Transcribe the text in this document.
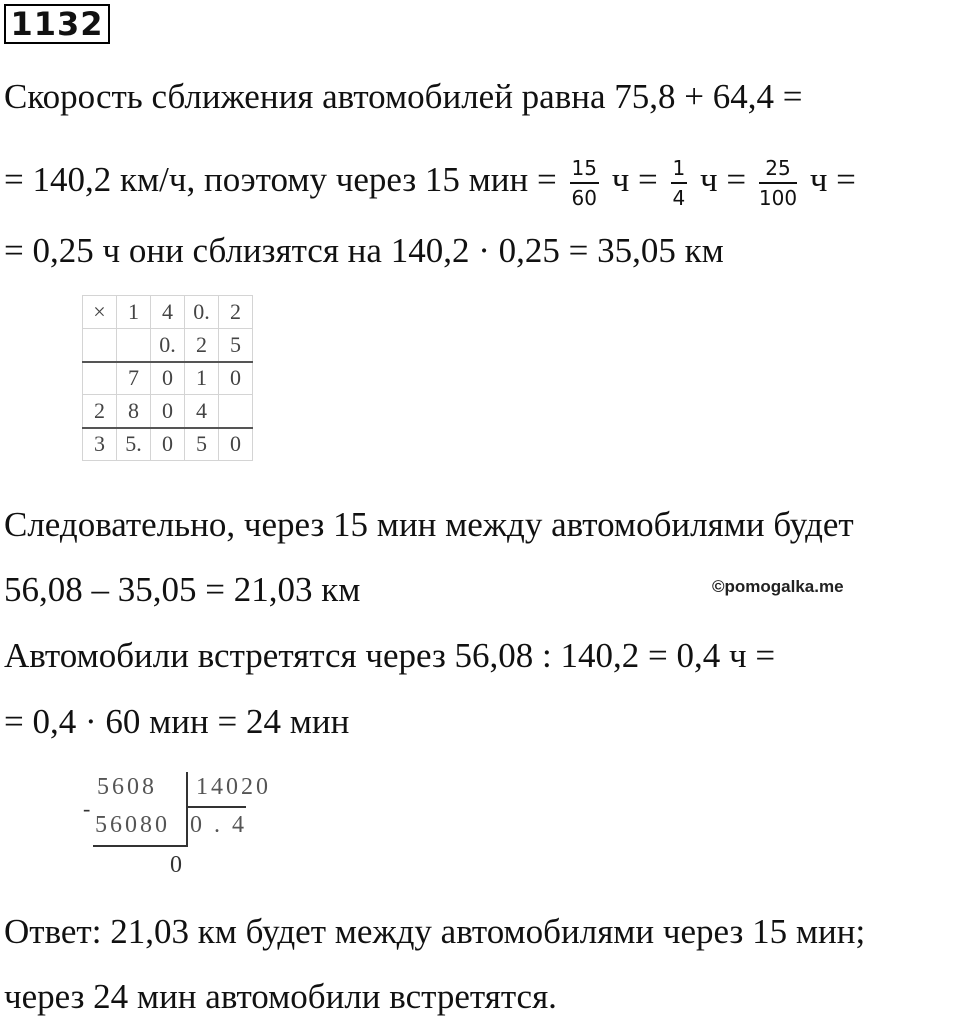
1132
Скорость сближения автомобилей равна 75,8 + 64,4 =
= 140,2 км/ч, поэтому через 15 мин = $\frac{15}{60}$ $ч = \frac{1}{4}$ $ч = \frac{25}{100}$ ч =
= 0,25 ч они сблизятся на 140,2 · 0,25 = 35,05 км
×	1	4	0.	2
		0.	2	5
	7	0	1	0
2	8	0	4	
3	5.	0	5	0
Следовательно, через 15 мин между автомобилями будет
56,08 – 35,05 = 21,03 км	©pomogalka.me
Автомобили встретятся через 56,08 : 140,2 = 0,4 ч =
= 0,4 · 60 мин = 24 мин
5608 14020
-
56080 0 . 4
0
Ответ: 21,03 км будет между автомобилями через 15 мин;
через 24 мин автомобили встретятся.
